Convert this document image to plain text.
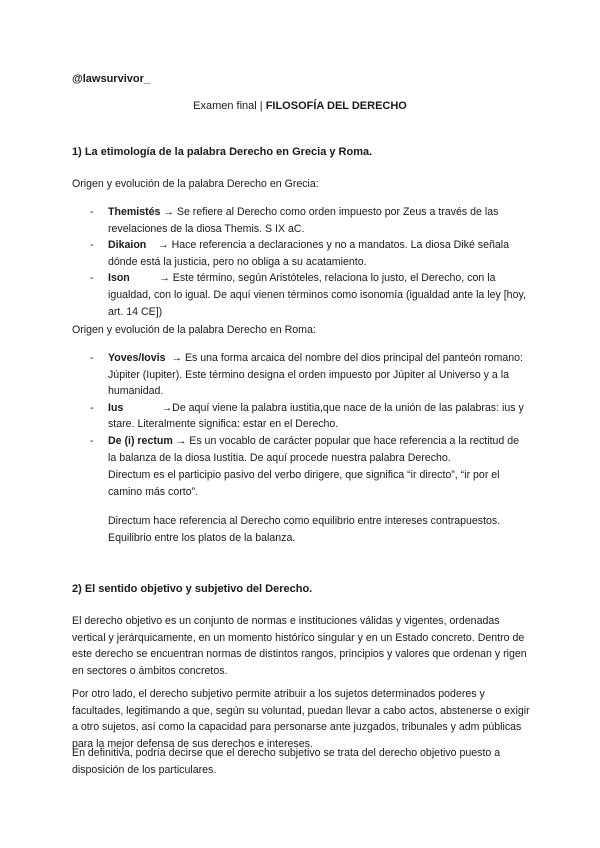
@lawsurvivor_
Examen final | FILOSOFÍA DEL DERECHO
1) La etimología de la palabra Derecho en Grecia y Roma.
Origen y evolución de la palabra Derecho en Grecia:
- Themistés → Se refiere al Derecho como orden impuesto por Zeus a través de las revelaciones de la diosa Themis. S IX aC.
- Dikaion    → Hace referencia a declaraciones y no a mandatos. La diosa Diké señala dónde está la justicia, pero no obliga a su acatamiento.
- Ison          → Este término, según Aristóteles, relaciona lo justo, el Derecho, con la igualdad, con lo igual. De aquí vienen términos como isonomía (igualdad ante la ley [hoy, art. 14 CE])
Origen y evolución de la palabra Derecho en Roma:
- Yoves/Iovis  → Es una forma arcaica del nombre del dios principal del panteón romano: Júpiter (Iupiter). Este término designa el orden impuesto por Júpiter al Universo y a la humanidad.
- Ius             →De aquí viene la palabra iustitia,que nace de la unión de las palabras: ius y stare. Literalmente significa: estar en el Derecho.
- De (i) rectum → Es un vocablo de carácter popular que hace referencia a la rectitud de la balanza de la diosa Iustitia. De aquí procede nuestra palabra Derecho.
Directum es el participio pasivo del verbo dirigere, que significa “ir directo”, “ir por el camino más corto”.
Directum hace referencia al Derecho como equilibrio entre intereses contrapuestos. Equilibrio entre los platos de la balanza.
2) El sentido objetivo y subjetivo del Derecho.
El derecho objetivo es un conjunto de normas e instituciones válidas y vigentes, ordenadas vertical y jerárquicamente, en un momento histórico singular y en un Estado concreto. Dentro de este derecho se encuentran normas de distintos rangos, principios y valores que ordenan y rigen en sectores o ámbitos concretos.
Por otro lado, el derecho subjetivo permite atribuir a los sujetos determinados poderes y facultades, legitimando a que, según su voluntad, puedan llevar a cabo actos, abstenerse o exigir a otro sujetos, así como la capacidad para personarse ante juzgados, tribunales y adm públicas para la mejor defensa de sus derechos e intereses.
En definitiva, podría decirse que el derecho subjetivo se trata del derecho objetivo puesto a disposición de los particulares.
